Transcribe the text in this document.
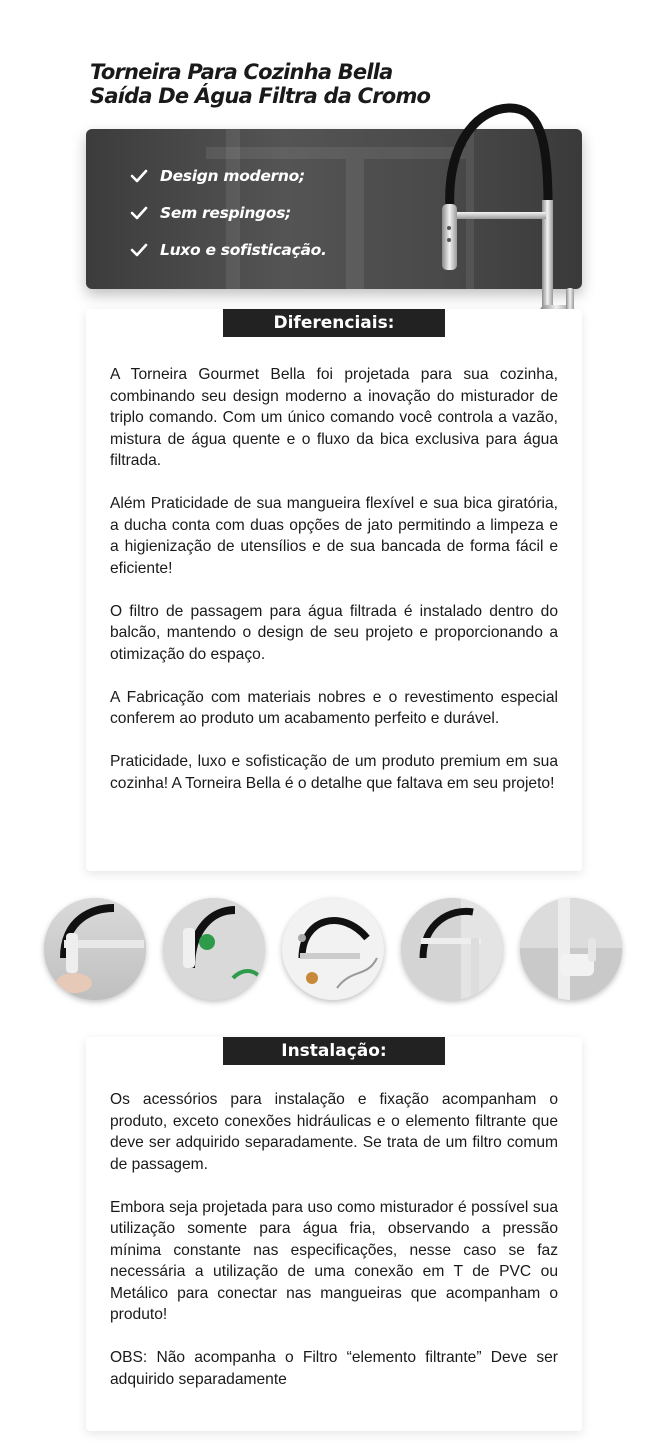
Torneira Para Cozinha Bella
Saída De Água Filtra da Cromo
Design moderno;
Sem respingos;
Luxo e sofisticação.
Diferenciais:

A Torneira Gourmet Bella foi projetada para sua cozinha, combinando seu design moderno a inovação do misturador de triplo comando. Com um único comando você controla a vazão, mistura de água quente e o fluxo da bica exclusiva para água filtrada.

Além Praticidade de sua mangueira flexível e sua bica giratória, a ducha conta com duas opções de jato permitindo a limpeza e a higienização de utensílios e de sua bancada de forma fácil e eficiente!

O filtro de passagem para água filtrada é instalado dentro do balcão, mantendo o design de seu projeto e proporcionando a otimização do espaço.

A Fabricação com materiais nobres e o revestimento especial conferem ao produto um acabamento perfeito e durável.

Praticidade, luxo e sofisticação de um produto premium em sua cozinha! A Torneira Bella é o detalhe que faltava em seu projeto!

Instalação:

Os acessórios para instalação e fixação acompanham o produto, exceto conexões hidráulicas e o elemento filtrante que deve ser adquirido separadamente. Se trata de um filtro comum de passagem.

Embora seja projetada para uso como misturador é possível sua utilização somente para água fria, observando a pressão mínima constante nas especificações, nesse caso se faz necessária a utilização de uma conexão em T de PVC ou Metálico para conectar nas mangueiras que acompanham o produto!

OBS: Não acompanha o Filtro “elemento filtrante” Deve ser adquirido separadamente
